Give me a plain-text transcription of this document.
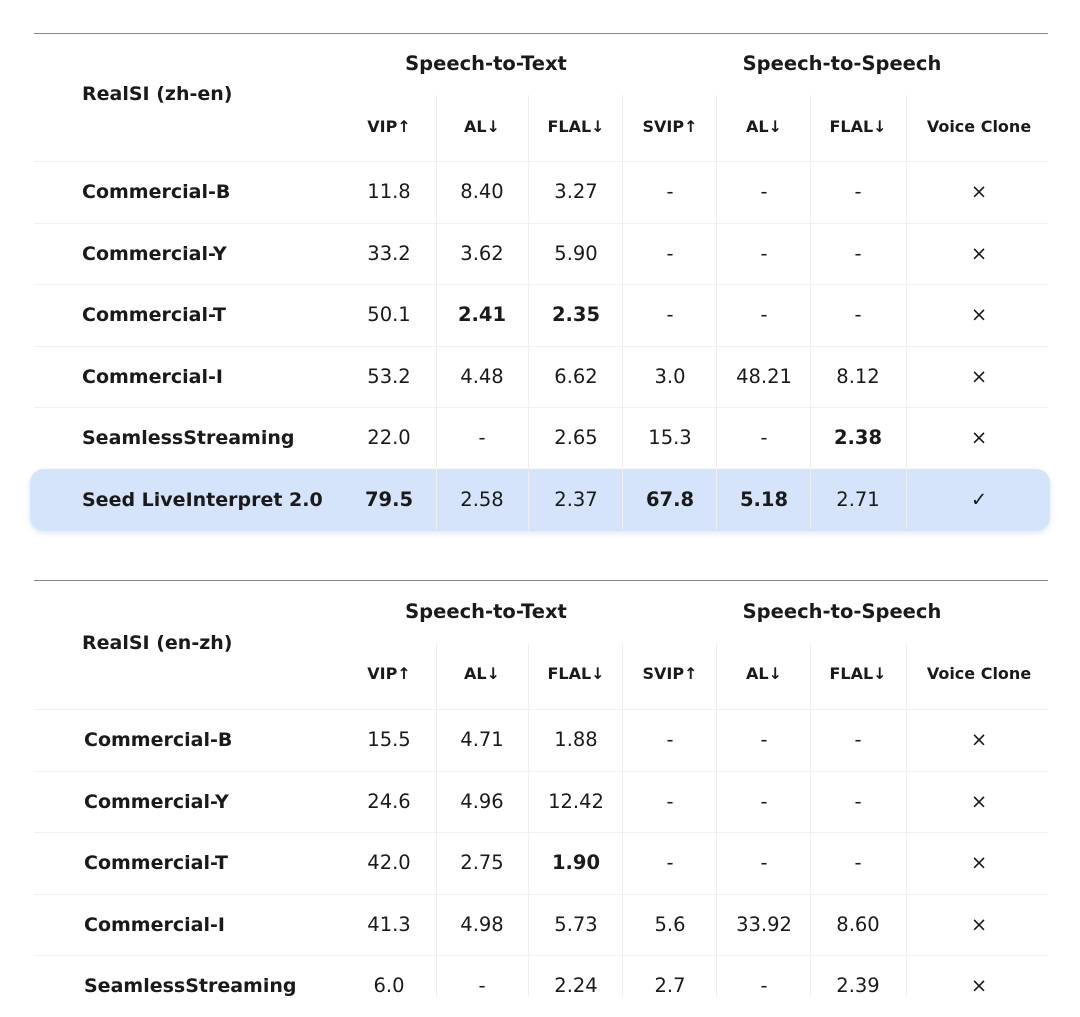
RealSI (zh-en)
Speech-to-Text	Speech-to-Speech
VIP↑	AL↓	FLAL↓	SVIP↑	AL↓	FLAL↓	Voice Clone
Commercial-B	11.8	8.40	3.27	-	-	-	×
Commercial-Y	33.2	3.62	5.90	-	-	-	×
Commercial-T	50.1	2.41	2.35	-	-	-	×
Commercial-I	53.2	4.48	6.62	3.0	48.21	8.12	×
SeamlessStreaming	22.0	-	2.65	15.3	-	2.38	×
Seed LiveInterpret 2.0	79.5	2.58	2.37	67.8	5.18	2.71	✓
RealSI (en-zh)
Speech-to-Text	Speech-to-Speech
VIP↑	AL↓	FLAL↓	SVIP↑	AL↓	FLAL↓	Voice Clone
Commercial-B	15.5	4.71	1.88	-	-	-	×
Commercial-Y	24.6	4.96	12.42	-	-	-	×
Commercial-T	42.0	2.75	1.90	-	-	-	×
Commercial-I	41.3	4.98	5.73	5.6	33.92	8.60	×
SeamlessStreaming	6.0	-	2.24	2.7	-	2.39	×
